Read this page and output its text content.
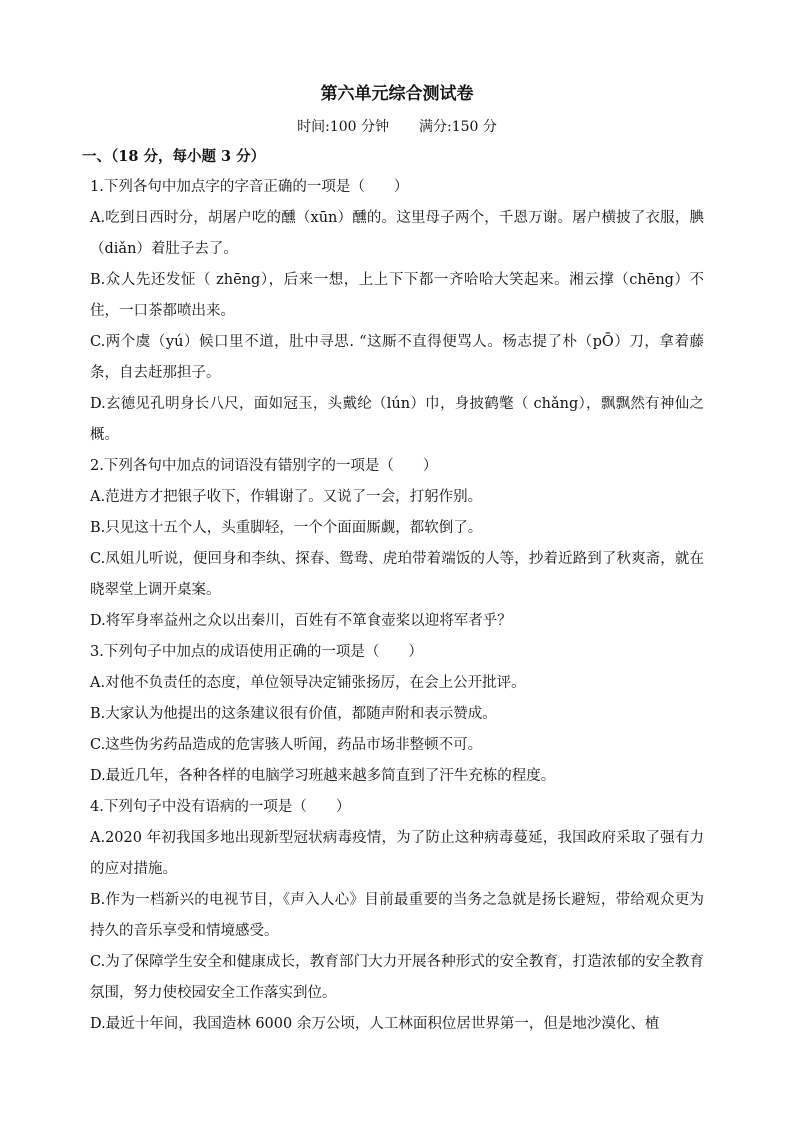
第六单元综合测试卷
时间:100 分钟 满分:150 分
一、（18 分，每小题 3 分）

1.下列各句中加点字的字音正确的一项是（　　）

A.吃到日西时分，胡屠户吃的醺（xūn）醺的。这里母子两个，千恩万谢。屠户横披了衣服，腆（diǎn）着肚子去了。

B.众人先还发怔（ zhēng），后来一想，上上下下都一齐哈哈大笑起来。湘云撑（chēng）不住，一口茶都喷出来。

C.两个虞（yú）候口里不道，肚中寻思. “这厮不直得便骂人。杨志提了朴（pŌ）刀，拿着藤条，自去赶那担子。

D.玄德见孔明身长八尺，面如冠玉，头戴纶（lún）巾，身披鹤氅（ chǎng），飘飘然有神仙之概。

2.下列各句中加点的词语没有错别字的一项是（　　）

A.范进方才把银子收下，作辑谢了。又说了一会，打躬作别。

B.只见这十五个人，头重脚轻，一个个面面厮觑，都软倒了。

C.凤姐儿听说，便回身和李纨、探春、鸳鸯、虎珀带着端饭的人等，抄着近路到了秋爽斋，就在晓翠堂上调开桌案。

D.将军身率益州之众以出秦川，百姓有不箪食壶桨以迎将军者乎？

3.下列句子中加点的成语使用正确的一项是（　　）

A.对他不负责任的态度，单位领导决定铺张扬厉，在会上公开批评。

B.大家认为他提出的这条建议很有价值，都随声附和表示赞成。

C.这些伪劣药品造成的危害骇人听闻，药品市场非整顿不可。

D.最近几年，各种各样的电脑学习班越来越多简直到了汗牛充栋的程度。

4.下列句子中没有语病的一项是（　　）

A.2020 年初我国多地出现新型冠状病毒疫情，为了防止这种病毒蔓延，我国政府采取了强有力的应对措施。

B.作为一档新兴的电视节目，《声入人心》目前最重要的当务之急就是扬长避短，带给观众更为持久的音乐享受和情境感受。

C.为了保障学生安全和健康成长，教育部门大力开展各种形式的安全教育，打造浓郁的安全教育氛围，努力使校园安全工作落实到位。

D.最近十年间，我国造林 6000 余万公顷，人工林面积位居世界第一，但是地沙漠化、植
